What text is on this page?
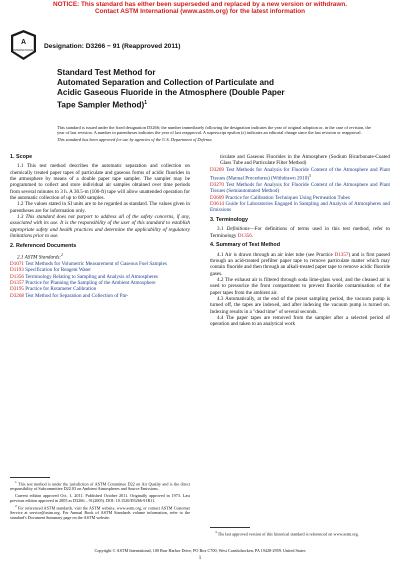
NOTICE: This standard has either been superseded and replaced by a new version or withdrawn.
Contact ASTM International (www.astm.org) for the latest information
A
INTERNATIONAL
Designation: D3266 − 91 (Reapproved 2011)
Standard Test Method for
Automated Separation and Collection of Particulate and
Acidic Gaseous Fluoride in the Atmosphere (Double Paper
Tape Sampler Method)$^1$

This standard is issued under the fixed designation D3266; the number immediately following the designation indicates the year of original adoption or, in the case of revision, the year of last revision. A number in parentheses indicates the year of last reapproval. A superscript epsilon (ε) indicates an editorial change since the last revision or reapproval.

This standard has been approved for use by agencies of the U.S. Department of Defense.

1. Scope

1.1 This test method describes the automatic separation and collection on chemically treated paper tapes of particulate and gaseous forms of acidic fluorides in the atmosphere by means of a double paper tape sampler. The sampler may be programmed to collect and store individual air samples obtained over time periods from several minutes to 3 h. A 30.5-m (100-ft) tape will allow unattended operation for the automatic collection of up to 600 samples.

1.2 The values stated in SI units are to be regarded as standard. The values given in parentheses are for information only.

1.3 This standard does not purport to address all of the safety concerns, if any, associated with its use. It is the responsibility of the user of this standard to establish appropriate safety and health practices and determine the applicability of regulatory limitations prior to use.

2. Referenced Documents

2.1 ASTM Standards:$^2$

D1071 Test Methods for Volumetric Measurement of Gaseous Fuel Samples

D1193 Specification for Reagent Water

D1356 Terminology Relating to Sampling and Analysis of Atmospheres

D1357 Practice for Planning the Sampling of the Ambient Atmosphere

D3195 Practice for Rotameter Calibration

D3268 Test Method for Separation and Collection of Par-

$^1$ This test method is under the jurisdiction of ASTM Committee D22 on Air Quality and is the direct responsibility of Subcommittee D22.03 on Ambient Atmospheres and Source Emissions.

Current edition approved Oct. 1, 2011. Published October 2011. Originally approved in 1973. Last previous edition approved in 2005 as D3266 – 91(2005). DOI: 10.1520/D3266-91R11.

$^2$ For referenced ASTM standards, visit the ASTM website, www.astm.org, or contact ASTM Customer Service at service@astm.org. For Annual Book of ASTM Standards volume information, refer to the standard's Document Summary page on the ASTM website.

ticulate and Gaseous Fluorides in the Atmosphere (Sodium Bicarbonate-Coated Glass Tube and Particulate Filter Method)

D3269 Test Methods for Analysis for Fluoride Content of the Atmosphere and Plant Tissues (Manual Procedures) (Withdrawn 2010)$^3$

D3270 Test Methods for Analysis for Fluoride Content of the Atmosphere and Plant Tissues (Semiautomated Method)

D3609 Practice for Calibration Techniques Using Permeation Tubes

D3614 Guide for Laboratories Engaged in Sampling and Analysis of Atmospheres and Emissions

3. Terminology

3.1 Definitions—For definitions of terms used in this test method, refer to Terminology D1356.

4. Summary of Test Method

4.1 Air is drawn through an air inlet tube (see Practice D1357) and is first passed through an acid-treated prefilter paper tape to remove particulate matter which may contain fluoride and then through an alkali-treated paper tape to remove acidic fluoride gases.

4.2 The exhaust air is filtered through soda lime-glass wool, and the cleaned air is used to pressurize the front compartment to prevent fluoride contamination of the paper tapes from the ambient air.

4.3 Automatically, at the end of the preset sampling period, the vacuum pump is turned off, the tapes are indexed, and after indexing the vacuum pump is turned on. Indexing results in a "dead time" of several seconds.

4.4 The paper tapes are removed from the sampler after a selected period of operation and taken to an analytical work

$^3$ The last approved version of this historical standard is referenced on www.astm.org.

Copyright © ASTM International, 100 Barr Harbor Drive, PO Box C700, West Conshohocken, PA 19428-2959. United States
1
